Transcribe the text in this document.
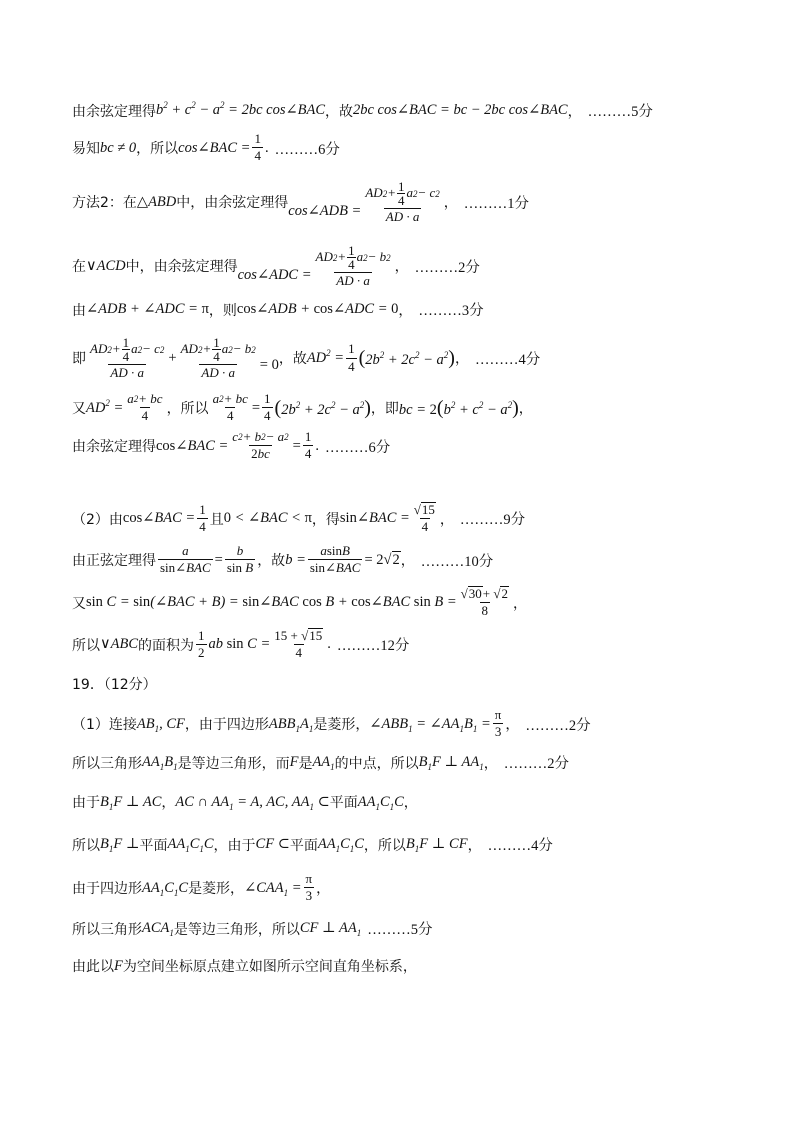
由余弦定理得 $b^2 + c^2 - a^2 = 2bc$ cos∠BAC ，故 2bc cos∠BAC = bc − 2bc cos∠BAC ， ………5分
易知 bc ≠ 0 ，所以 cos∠BAC = $\frac{1}{4}$ . ………6分
方法2：在 △ABD 中，由余弦定理得 cos∠ADB = $\frac{AD 2 + \frac{1}{4} a 2 - c 2}{AD \cdot a}$ ， ………1分
在 ∨ACD 中，由余弦定理得 cos∠ADC = $\frac{AD 2 + \frac{1}{4} a 2 - b 2}{AD \cdot a}$ ， ………2分
由 ∠ADB + ∠ADC = π ，则 cos∠ADB + cos∠ADC = 0 ， ………3分
即 $\frac{AD 2 + \frac{1}{4} a 2 - c 2}{AD \cdot a} + \frac{AD 2 + \frac{1}{4} a 2 - b 2}{AD \cdot a} = 0$ ，故 $AD^2 = \frac{1}{4} (2b^2 + 2c^2 - a^2)$ ， ………4分
又 $AD^2 = \frac{a 2 + bc}{4}$ ，所以 $\frac{a 2 + bc}{4} = \frac{1}{4} (2b^2 + 2c^2 - a^2)$ ，即 bc = $2(b^2 + c^2 - a^2)$ ，
由余弦定理得 cos∠BAC = $\frac{c 2 + b 2 - a 2}{2bc} = \frac{1}{4}$ . ………6分
（2）由 cos∠BAC = $\frac{1}{4}$ 且 0 < ∠BAC < π ，得 sin∠BAC = $\frac{√ 15}{4}$ ， ………9分
由正弦定理得 $\frac{a}{\text{sin∠BAC}} = \frac{b}{\text{sin B}}$ ，故 $b = \frac{\text{a sin B}}{\text{sin∠BAC}} = 2√2$ ， ………10分
又 sin C = sin(∠BAC + B) = sin∠BAC cos B + cos∠BAC $\sin B = \frac{√ 30 + √ 2}{8}$ ，
所以 ∨ABC 的面积为 $\frac{1}{2}$ ab $\sin C = \frac{15 + √ 15}{4}$ . ………12分
19．（12分）
（1）连接 $AB_1$, CF ，由于四边形 $ABB_1A_1$ 是菱形， $\angle ABB_1$ = $\angle AA_1B_1 = \frac{\pi}{3}$ ， ………2分
所以三角形 $AA_1B_1$ 是等边三角形，而 F 是 $AA_1$ 的中点，所以 $B_1F$ ⊥ $AA_1$ ， ………2分
由于 $B_1F$ ⊥ AC ， AC ∩ $AA_1 = A$, AC, $AA_1$ ⊂ 平面 $AA_1C_1C$ ，
所以 $B_1F$ ⊥ 平面 $AA_1C_1C$ ，由于 CF ⊂ 平面 $AA_1C_1C$ ，所以 $B_1F$ ⊥ CF ， ………4分
由于四边形 $AA_1C_1C$ 是菱形， $\angle CAA_1 = \frac{\pi}{3}$ ，
所以三角形 $ACA_1$ 是等边三角形，所以 CF ⊥ $AA_1$ ………5分
由此以 F 为空间坐标原点建立如图所示空间直角坐标系，
